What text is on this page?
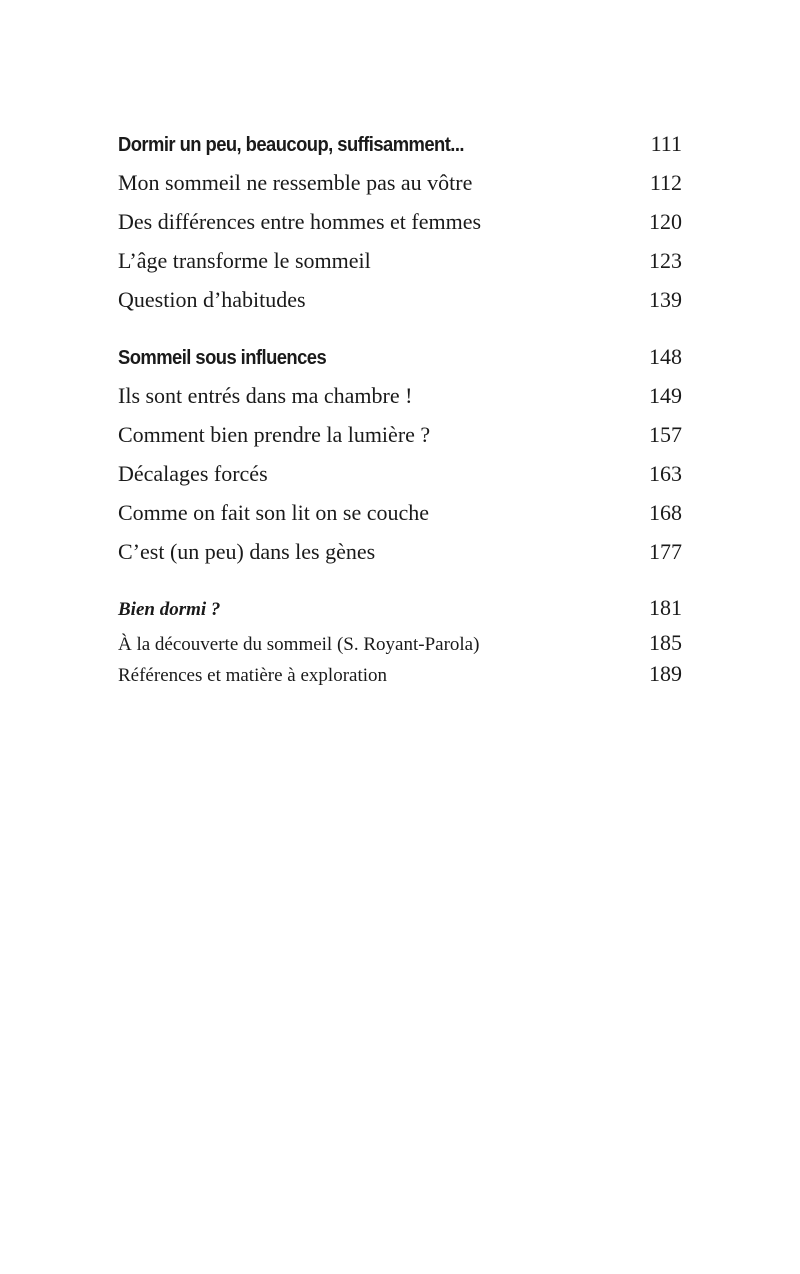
Dormir un peu, beaucoup, suffisamment...	111
Mon sommeil ne ressemble pas au vôtre	112
Des différences entre hommes et femmes	120
L’âge transforme le sommeil	123
Question d’habitudes	139
Sommeil sous influences	148
Ils sont entrés dans ma chambre !	149
Comment bien prendre la lumière ?	157
Décalages forcés	163
Comme on fait son lit on se couche	168
C’est (un peu) dans les gènes	177
Bien dormi ?	181
À la découverte du sommeil (S. Royant-Parola)	185
Références et matière à exploration	189
